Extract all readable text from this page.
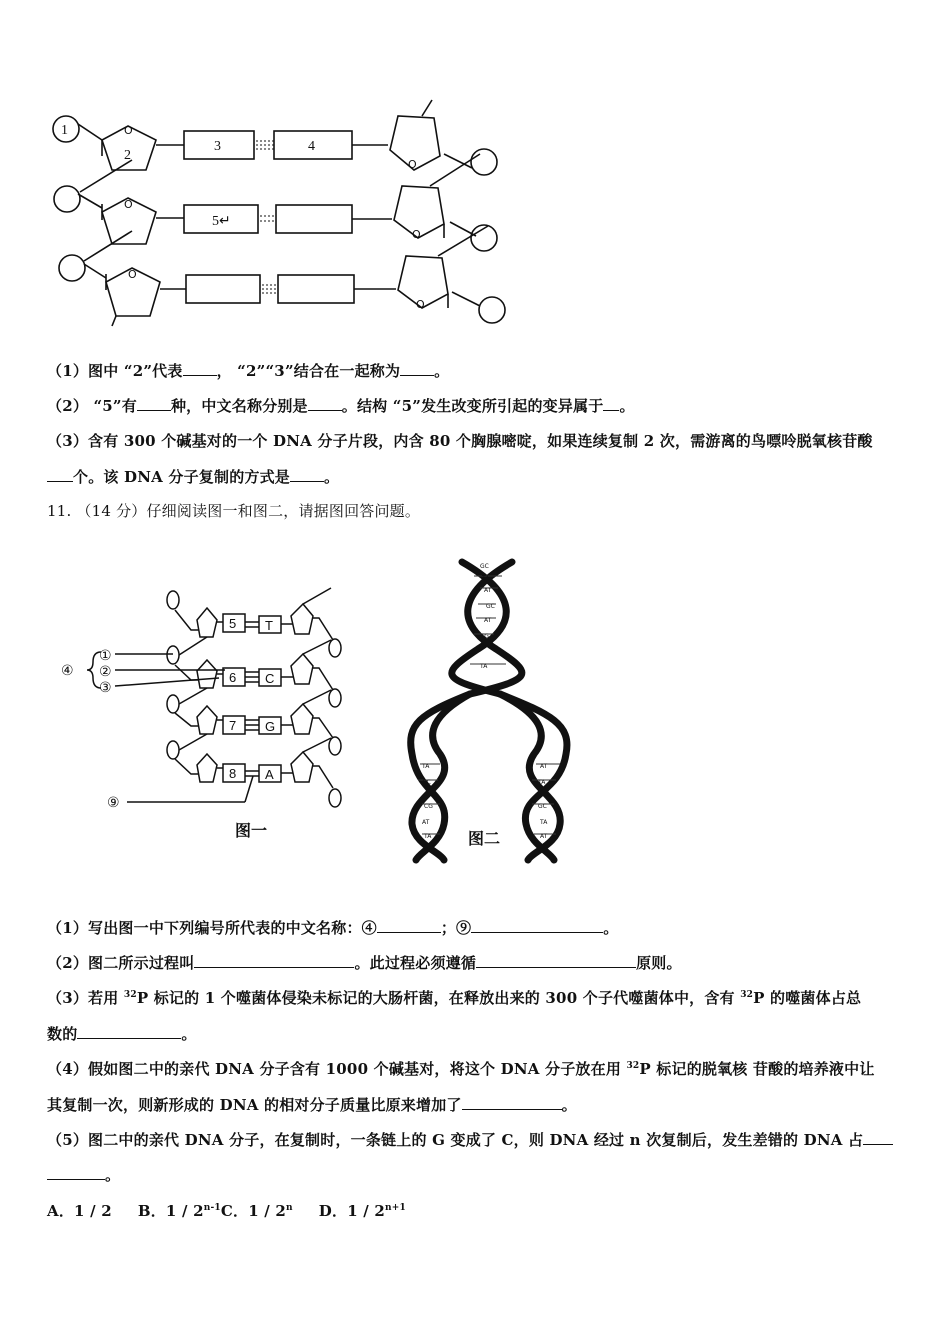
O
O
O
O
O
O
1
2
3	4
5↵
（1）图中 “2”代表 ， “2”“3”结合在一起称为 。
（2） “5”有 种，中文名称分别是 。结构 “5”发生改变所引起的变异属于 。
（3）含有 300 个碱基对的一个 DNA 分子片段，内含 80 个胸腺嘧啶，如果连续复制 2 次，需游离的鸟嘌呤脱氧核苷酸
个。该 DNA 分子复制的方式是 。
11. （14 分）仔细阅读图一和图二，请据图回答问题。
5
6
7
8
T
C
G
A
④
①
②
③
⑨
图一
GC
TA
AT
GC
AT
CG
TA
TA
GC
CG
AT
TA
GC
AT
TA
GC
TA
AT
CG
图二
（1）写出图一中下列编号所代表的中文名称：④	；⑨	。
（2）图二所示过程叫	。此过程必须遵循	原则。
（3）若用 $^{32}$P 标记的 1 个噬菌体侵染未标记的大肠杆菌，在释放出来的 300 个子代噬菌体中，含有 $^{32}$P 的噬菌体占总
数的	。
（4）假如图二中的亲代 DNA 分子含有 1000 个碱基对，将这个 DNA 分子放在用 $^{32}$P 标记的脱氧核 苷酸的培养液中让
其复制一次，则新形成的 DNA 的相对分子质量比原来增加了	。
（5）图二中的亲代 DNA 分子，在复制时，一条链上的 G 变成了 C，则 DNA 经过 n 次复制后，发生差错的 DNA 占
。
A．1 / 2 B．1 / 2$^{n-1}$C．1 / 2$^n$ D．$1 / 2^{n+1}$
